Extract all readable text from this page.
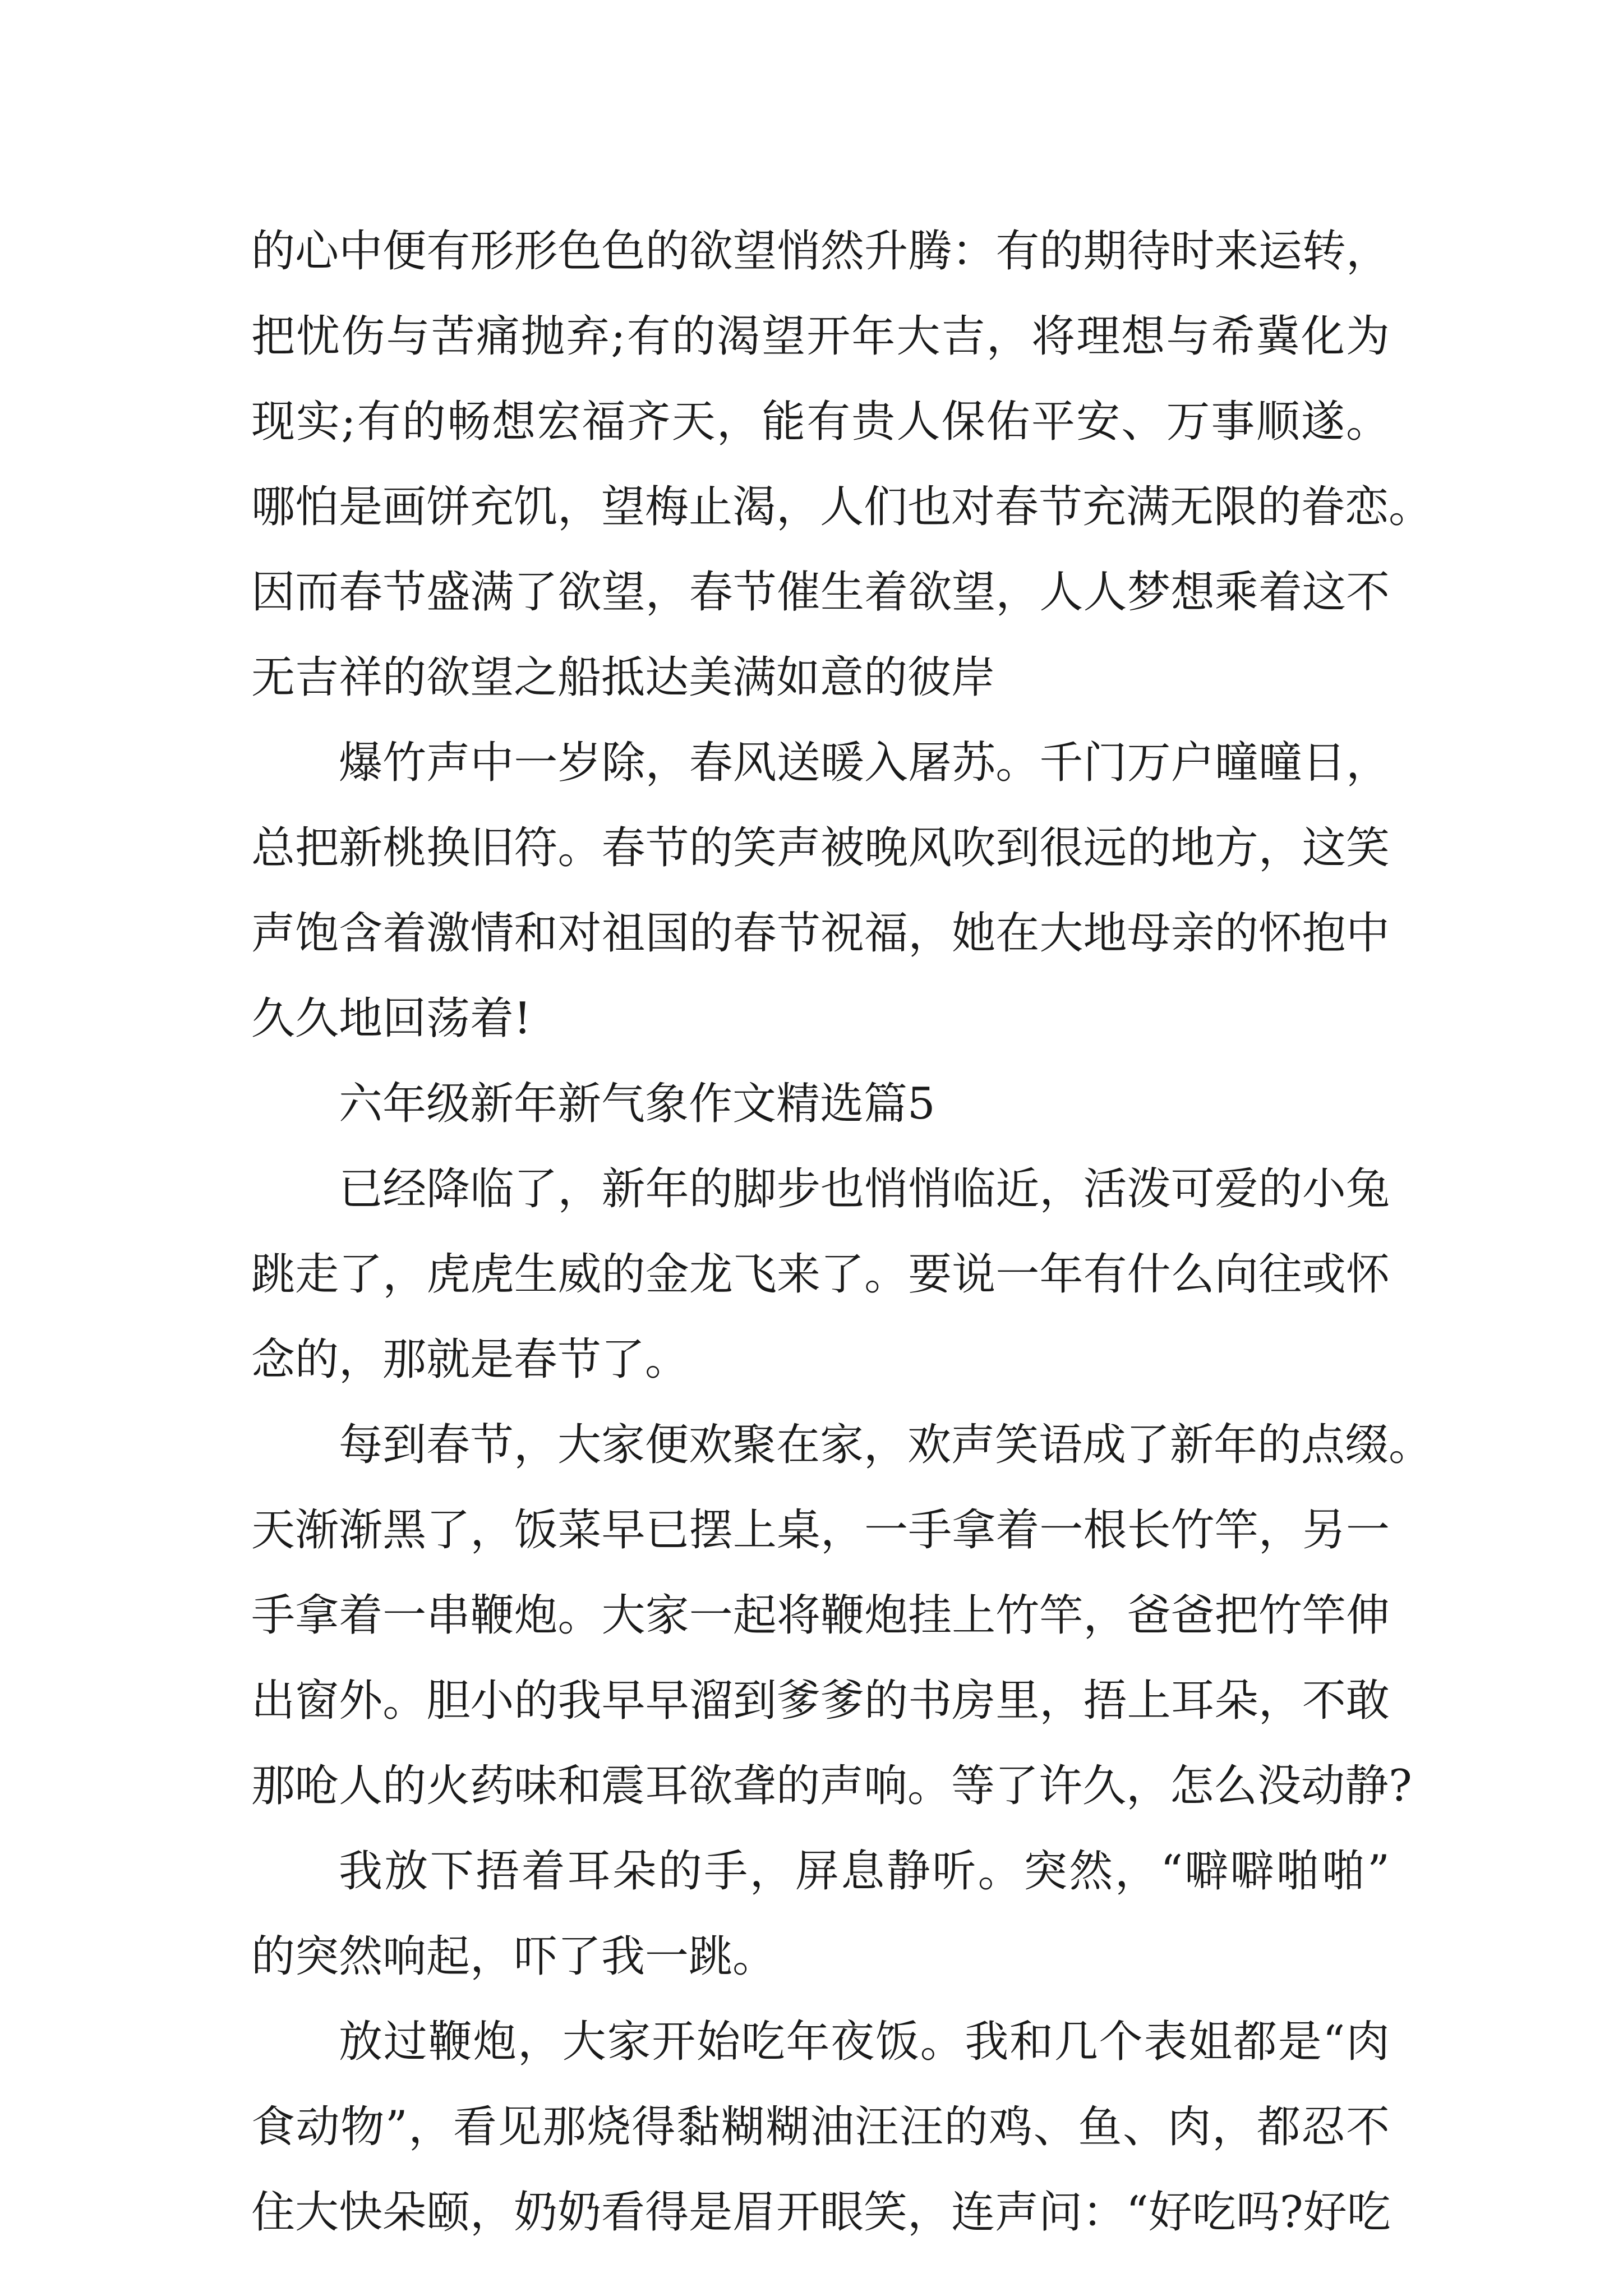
的心中便有形形色色的欲望悄然升腾：有的期待时来运转，
把忧伤与苦痛抛弃;有的渴望开年大吉，将理想与希冀化为
现实;有的畅想宏福齐天，能有贵人保佑平安、万事顺遂。
哪怕是画饼充饥，望梅止渴，人们也对春节充满无限的眷恋。
因而春节盛满了欲望，春节催生着欲望，人人梦想乘着这不
无吉祥的欲望之船抵达美满如意的彼岸
爆竹声中一岁除，春风送暖入屠苏。千门万户曈曈日，
总把新桃换旧符。春节的笑声被晚风吹到很远的地方，这笑
声饱含着激情和对祖国的春节祝福，她在大地母亲的怀抱中
久久地回荡着!
六年级新年新气象作文精选篇5
已经降临了，新年的脚步也悄悄临近，活泼可爱的小兔
跳走了，虎虎生威的金龙飞来了。要说一年有什么向往或怀
念的，那就是春节了。
每到春节，大家便欢聚在家，欢声笑语成了新年的点缀。
天渐渐黑了，饭菜早已摆上桌，一手拿着一根长竹竿，另一
手拿着一串鞭炮。大家一起将鞭炮挂上竹竿，爸爸把竹竿伸
出窗外。胆小的我早早溜到爹爹的书房里，捂上耳朵，不敢
那呛人的火药味和震耳欲聋的声响。等了许久，怎么没动静?
我放下捂着耳朵的手，屏息静听。突然，“噼噼啪啪”
的突然响起，吓了我一跳。
放过鞭炮，大家开始吃年夜饭。我和几个表姐都是“肉
食动物”，看见那烧得黏糊糊油汪汪的鸡、鱼、肉，都忍不
住大快朵颐，奶奶看得是眉开眼笑，连声问：“好吃吗?好吃
